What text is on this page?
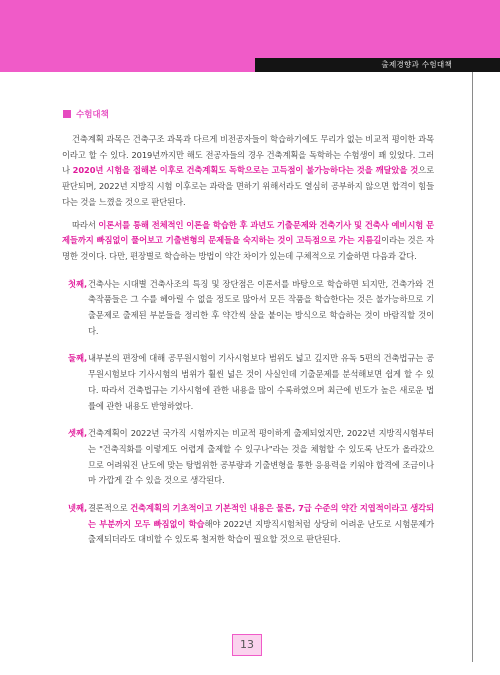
출제경향과 수험대책
수험대책

건축계획 과목은 건축구조 과목과 다르게 비전공자들이 학습하기에도 무리가 없는 비교적 평이한 과목이라고 할 수 있다. 2019년까지만 해도 전공자들의 경우 건축계획을 독학하는 수험생이 꽤 있었다. 그러나 2020년 시험을 접해본 이후로 건축계획도 독학으로는 고득점이 불가능하다는 것을 깨달았을 것으로 판단되며, 2022년 지방직 시험 이후로는 과락을 면하기 위해서라도 열심히 공부하지 않으면 합격이 힘들다는 것을 느꼈을 것으로 판단된다.

따라서 이론서를 통해 전체적인 이론을 학습한 후 과년도 기출문제와 건축기사 및 건축사 예비시험 문제들까지 빠짐없이 풀어보고 기출변형의 문제들을 숙지하는 것이 고득점으로 가는 지름길이라는 것은 자명한 것이다. 다만, 편장별로 학습하는 방법이 약간 차이가 있는데 구체적으로 기술하면 다음과 같다.

첫째, 건축사는 시대별 건축사조의 특징 및 장단점은 이론서를 바탕으로 학습하면 되지만, 건축가와 건축작품들은 그 수를 헤아릴 수 없을 정도로 많아서 모든 작품을 학습한다는 것은 불가능하므로 기출문제로 출제된 부분들을 정리한 후 약간씩 살을 붙이는 방식으로 학습하는 것이 바람직할 것이다.
둘째, 내부분의 편장에 대해 공무원시험이 기사시험보다 범위도 넓고 깊지만 유독 5편의 건축법규는 공무원시험보다 기사시험의 범위가 훨씬 넓은 것이 사실인데 기출문제를 분석해보면 쉽게 할 수 있다. 따라서 건축법규는 기사시험에 관한 내용을 많이 수록하였으며 최근에 빈도가 높은 새로운 법률에 관한 내용도 반영하였다.
셋째, 건축계획이 2022년 국가직 시험까지는 비교적 평이하게 출제되었지만, 2022년 지방직시험부터는 "건축직화를 이렇게도 어렵게 출제할 수 있구나"라는 것을 체험할 수 있도록 난도가 올라갔으므로 어려워진 난도에 맞는 탕법위한 공부량과 기출변형을 통한 응용력을 키워야 합격에 조금이나마 가깝게 갈 수 있을 것으로 생각된다.
넷째, 결론적으로 건축계획의 기초적이고 기본적인 내용은 물론, 7급 수준의 약간 지엽적이라고 생각되는 부분까지 모두 빠짐없이 학습해야 2022년 지방직시험처럼 상당히 어려운 난도로 시험문제가 출제되더라도 대비할 수 있도록 철저한 학습이 필요할 것으로 판단된다.
13
